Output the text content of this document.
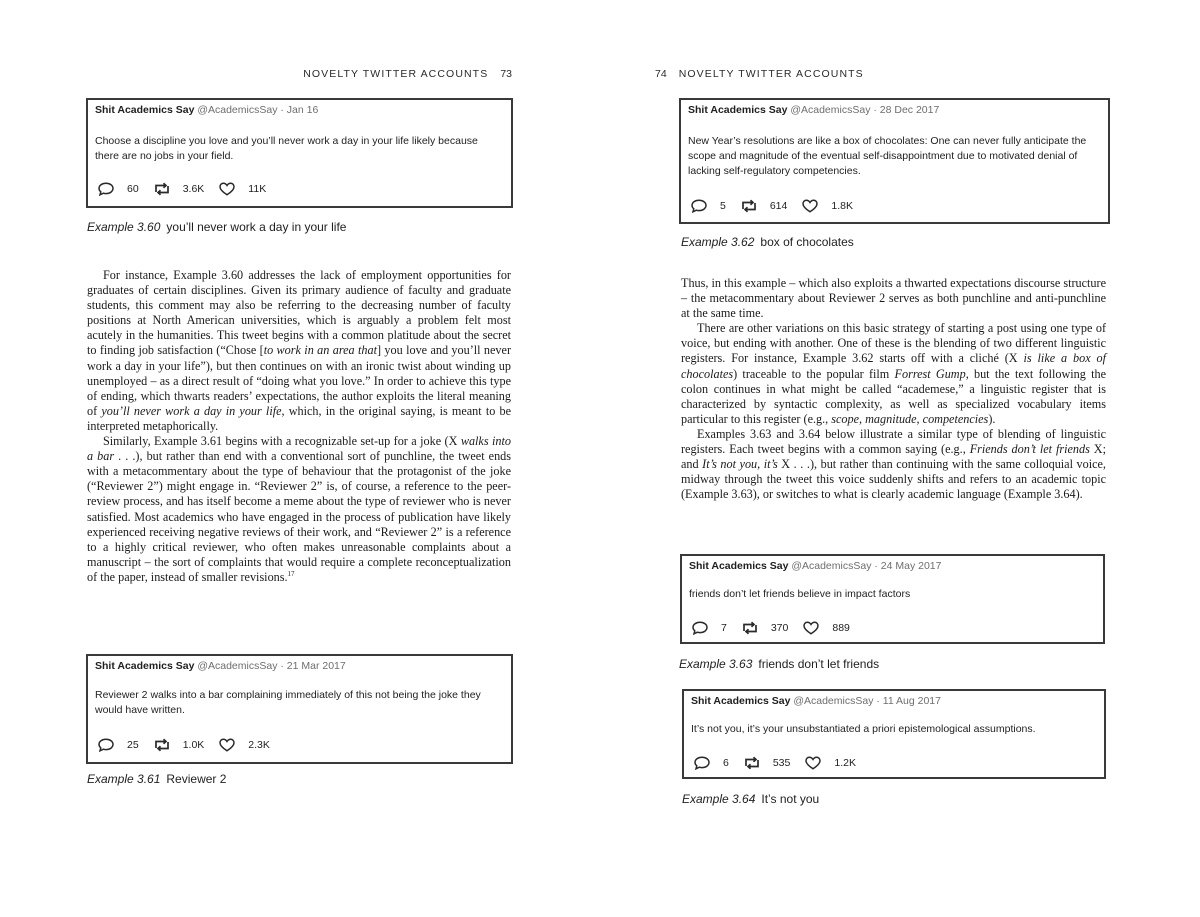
NOVELTY TWITTER ACCOUNTS 73
Shit Academics Say @AcademicsSay · Jan 16
Choose a discipline you love and you’ll never work a day in your life likely because there are no jobs in your field.
60	3.6K	11K
Example 3.60 you’ll never work a day in your life

For instance, Example 3.60 addresses the lack of employment opportunities for graduates of certain disciplines. Given its primary audience of faculty and graduate students, this comment may also be referring to the decreasing number of faculty positions at North American universities, which is arguably a problem felt most acutely in the humanities. This tweet begins with a common platitude about the secret to finding job satisfaction (“Chose [to work in an area that] you love and you’ll never work a day in your life”), but then continues on with an ironic twist about winding up unemployed – as a direct result of “doing what you love.” In order to achieve this type of ending, which thwarts readers’ expectations, the author exploits the literal meaning of you’ll never work a day in your life, which, in the original saying, is meant to be interpreted metaphorically.

Similarly, Example 3.61 begins with a recognizable set-up for a joke (X walks into a bar . . .), but rather than end with a conventional sort of punchline, the tweet ends with a metacommentary about the type of behaviour that the protagonist of the joke (“Reviewer 2”) might engage in. “Reviewer 2” is, of course, a reference to the peer-review process, and has itself become a meme about the type of reviewer who is never satisfied. Most academics who have engaged in the process of publication have likely experienced receiving negative reviews of their work, and “Reviewer 2” is a reference to a highly critical reviewer, who often makes unreasonable complaints about a manuscript – the sort of complaints that would require a complete reconceptualization of the paper, instead of smaller revisions.$^{17}$

Shit Academics Say @AcademicsSay · 21 Mar 2017
Reviewer 2 walks into a bar complaining immediately of this not being the joke they would have written.
25	1.0K	2.3K
Example 3.61 Reviewer 2
74 NOVELTY TWITTER ACCOUNTS
Shit Academics Say @AcademicsSay · 28 Dec 2017
New Year’s resolutions are like a box of chocolates: One can never fully anticipate the scope and magnitude of the eventual self-disappointment due to motivated denial of lacking self-regulatory competencies.
5	614	1.8K
Example 3.62 box of chocolates

Thus, in this example – which also exploits a thwarted expectations discourse structure – the metacommentary about Reviewer 2 serves as both punchline and anti-punchline at the same time.

There are other variations on this basic strategy of starting a post using one type of voice, but ending with another. One of these is the blending of two different linguistic registers. For instance, Example 3.62 starts off with a cliché (X is like a box of chocolates) traceable to the popular film Forrest Gump, but the text following the colon continues in what might be called “academese,” a linguistic register that is characterized by syntactic complexity, as well as specialized vocabulary items particular to this register (e.g., scope, magnitude, competencies).

Examples 3.63 and 3.64 below illustrate a similar type of blending of linguistic registers. Each tweet begins with a common saying (e.g., Friends don’t let friends X; and It’s not you, it’s X . . .), but rather than continuing with the same colloquial voice, midway through the tweet this voice suddenly shifts and refers to an academic topic (Example 3.63), or switches to what is clearly academic language (Example 3.64).

Shit Academics Say @AcademicsSay · 24 May 2017
friends don’t let friends believe in impact factors
7	370	889
Example 3.63 friends don’t let friends
Shit Academics Say @AcademicsSay · 11 Aug 2017
It’s not you, it’s your unsubstantiated a priori epistemological assumptions.
6	535	1.2K
Example 3.64 It’s not you
